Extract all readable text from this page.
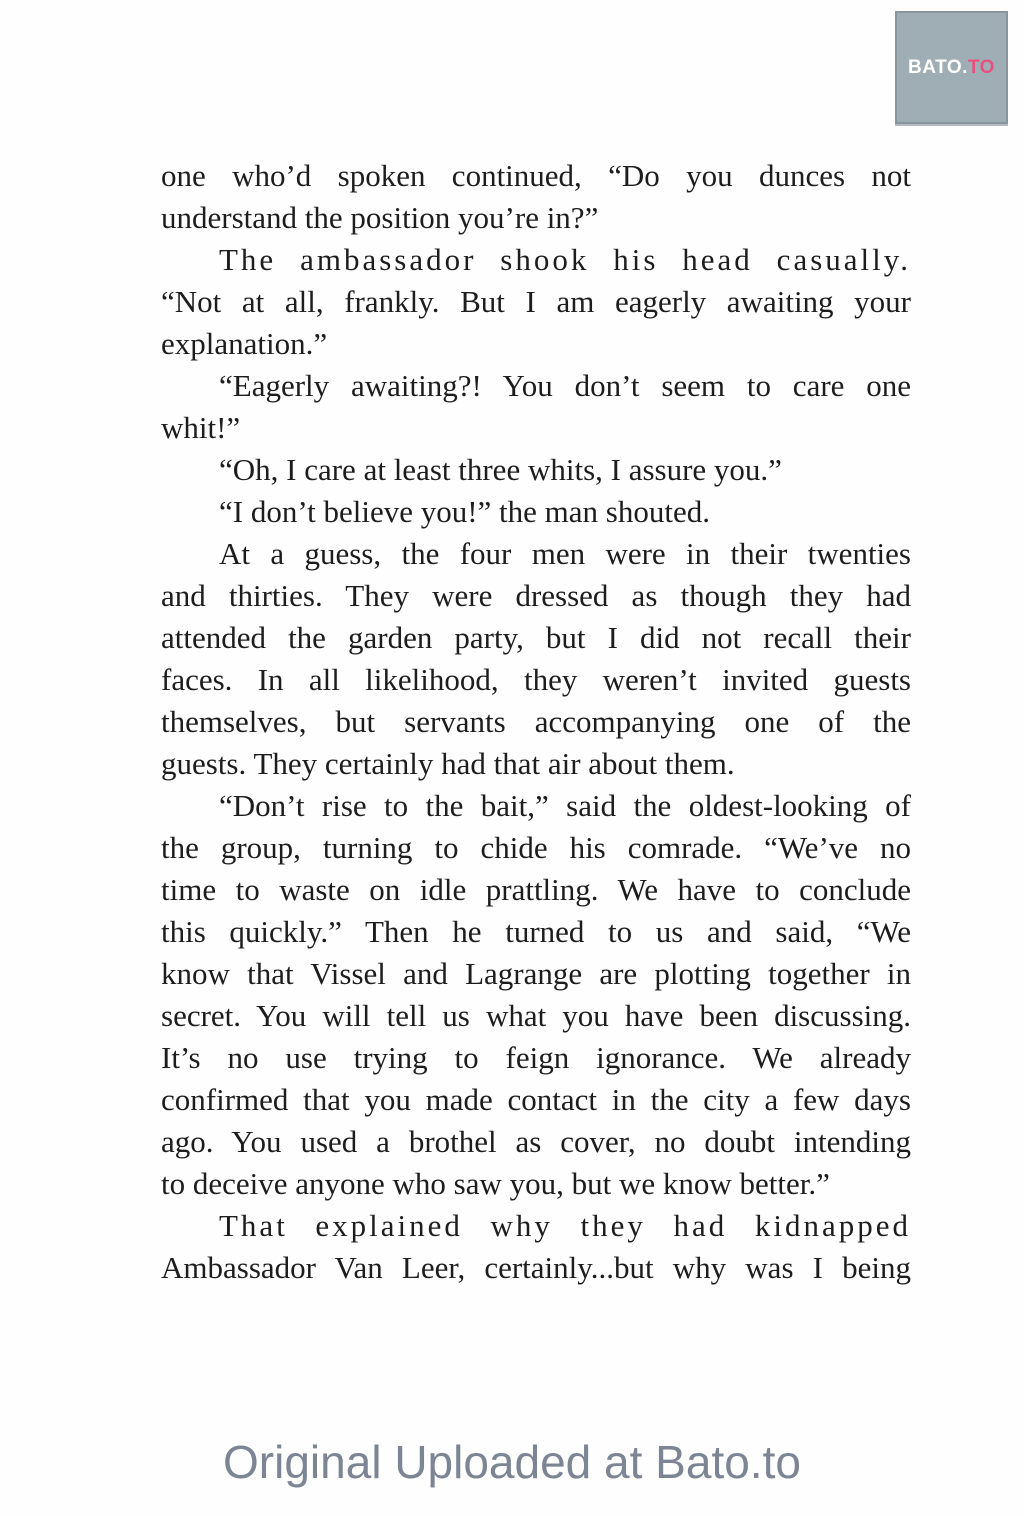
BATO.TO
one who’d spoken continued, “Do you dunces not
understand the position you’re in?”
The ambassador shook his head casually.
“Not at all, frankly. But I am eagerly awaiting your
explanation.”
“Eagerly awaiting?! You don’t seem to care one
whit!”
“Oh, I care at least three whits, I assure you.”
“I don’t believe you!” the man shouted.
At a guess, the four men were in their twenties
and thirties. They were dressed as though they had
attended the garden party, but I did not recall their
faces. In all likelihood, they weren’t invited guests
themselves, but servants accompanying one of the
guests. They certainly had that air about them.
“Don’t rise to the bait,” said the oldest-looking of
the group, turning to chide his comrade. “We’ve no
time to waste on idle prattling. We have to conclude
this quickly.” Then he turned to us and said, “We
know that Vissel and Lagrange are plotting together in
secret. You will tell us what you have been discussing.
It’s no use trying to feign ignorance. We already
confirmed that you made contact in the city a few days
ago. You used a brothel as cover, no doubt intending
to deceive anyone who saw you, but we know better.”
That explained why they had kidnapped
Ambassador Van Leer, certainly...but why was I being
Original Uploaded at Bato.to
